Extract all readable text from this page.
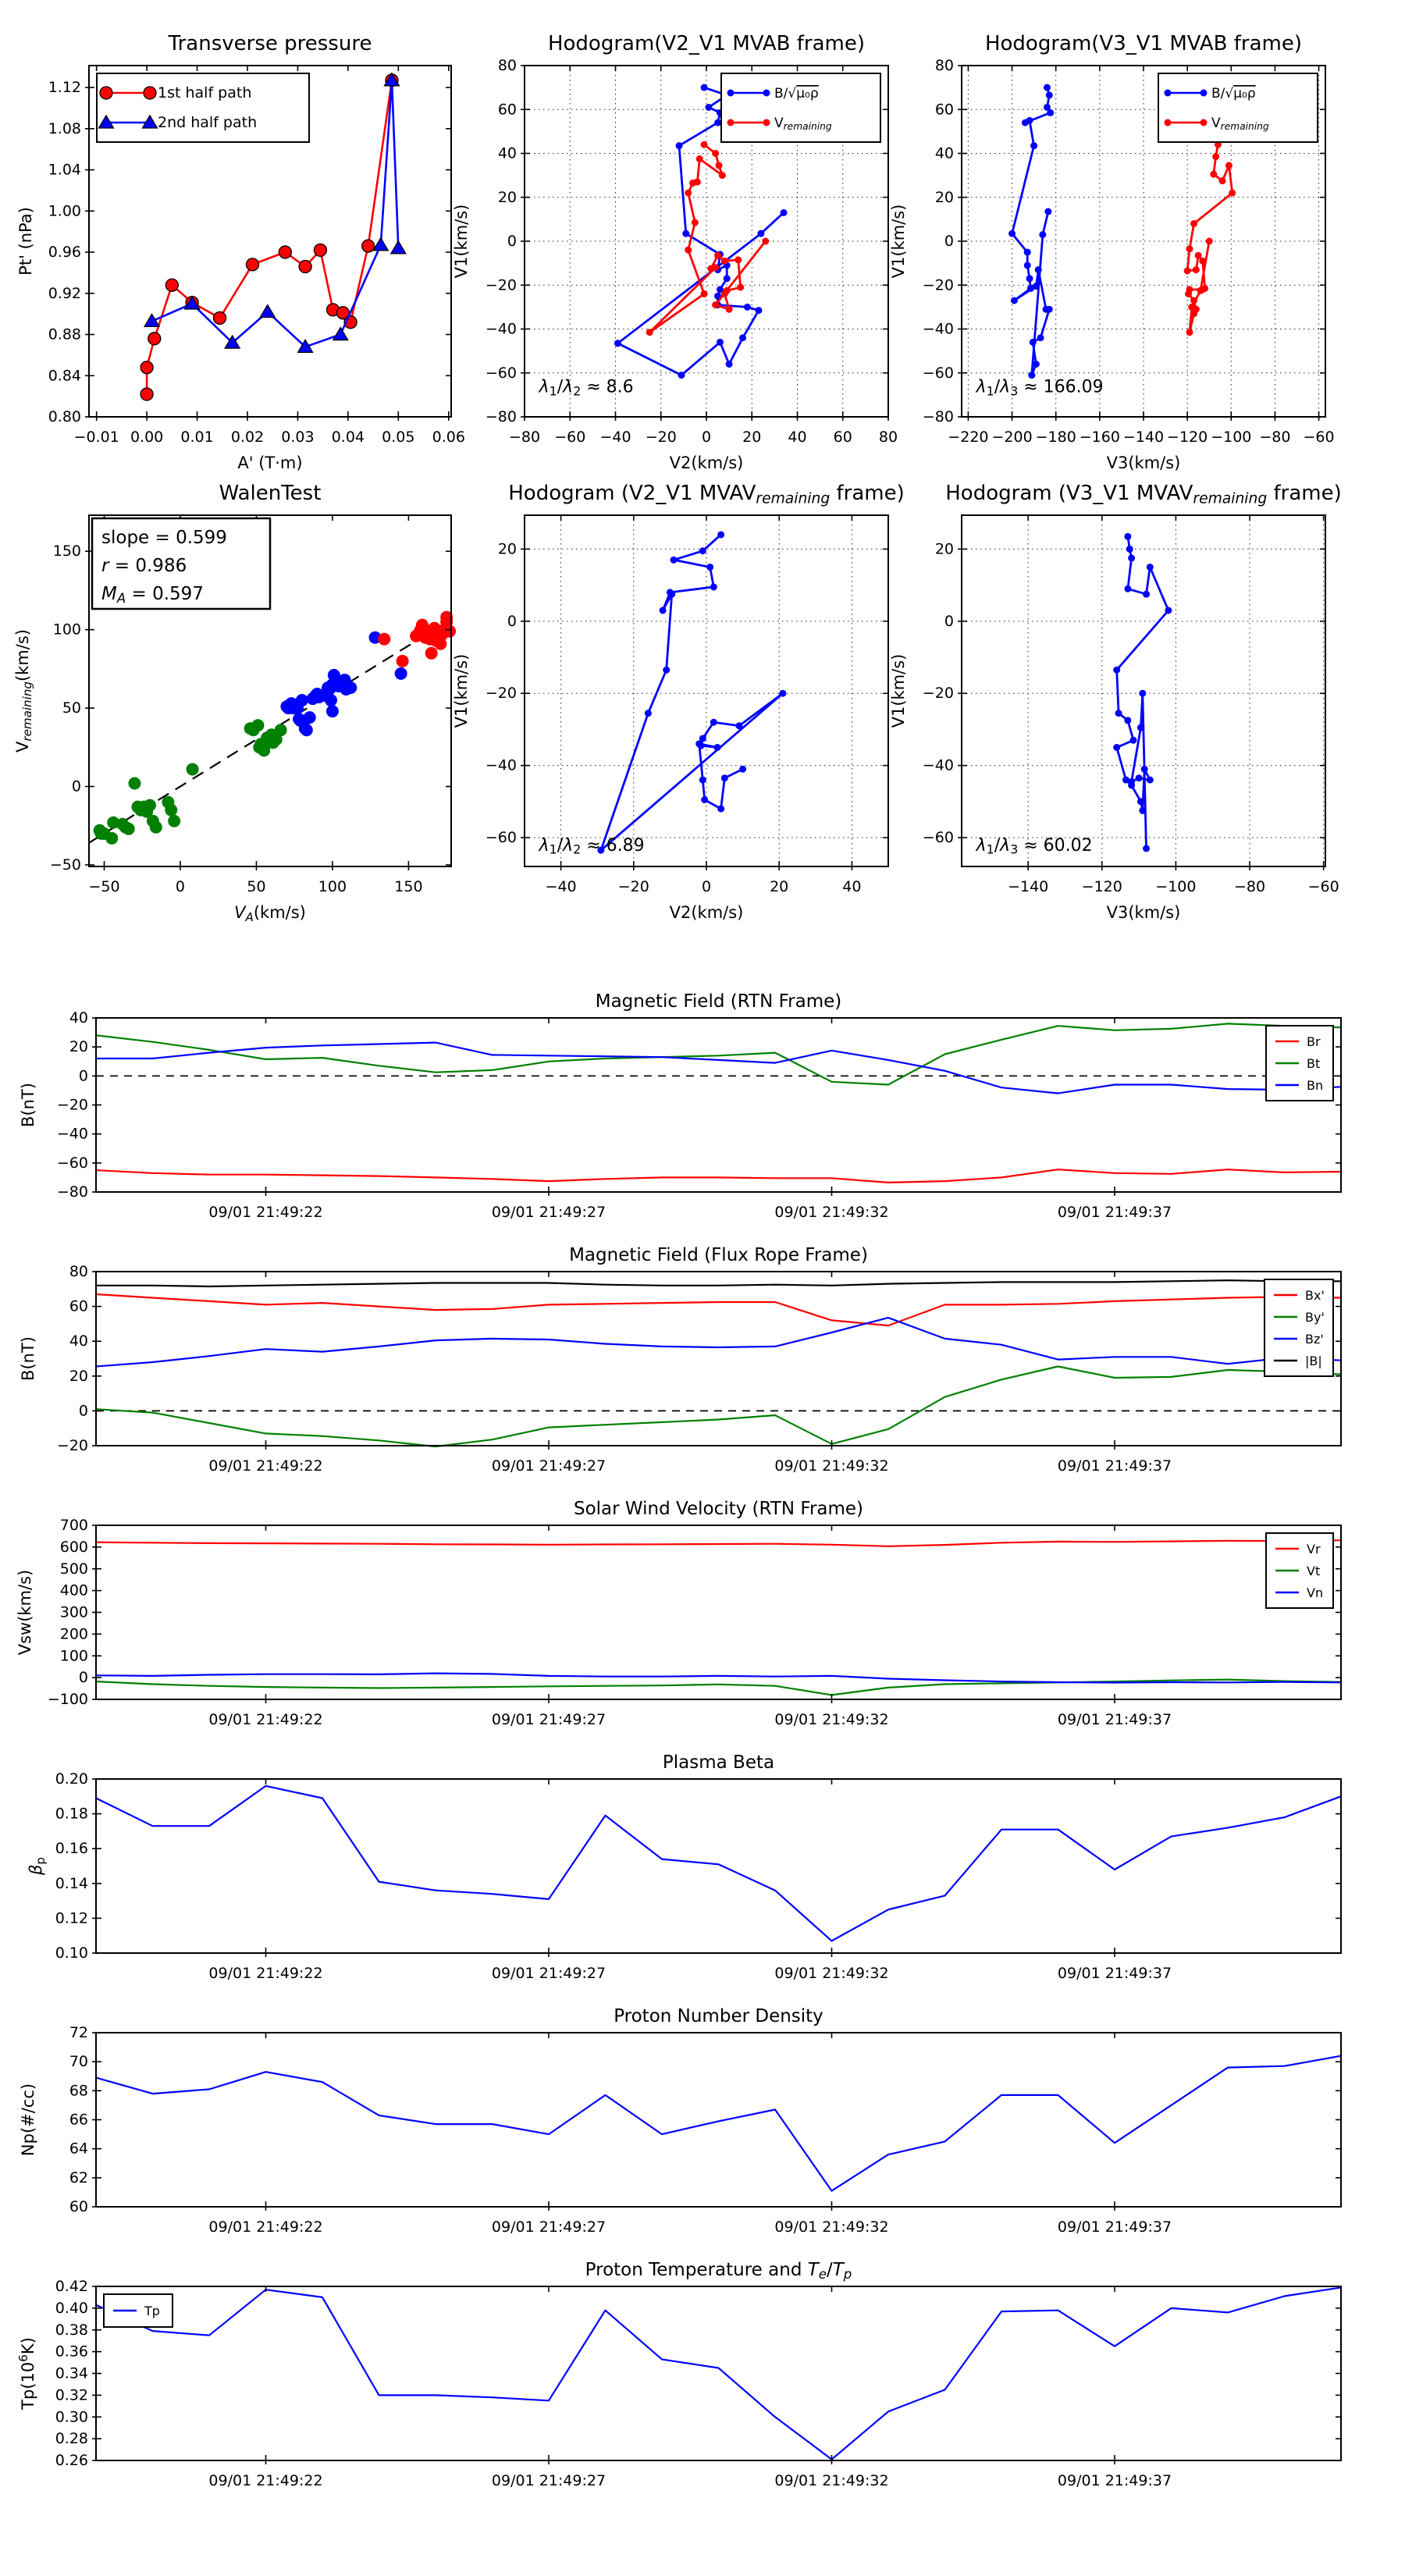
−0.01 0.00 0.01 0.02 0.03 0.04 0.05 0.06
0.80
0.84
0.88
0.92
0.96
1.00
1.04
1.08
1.12
Transverse pressure
A' (T·m)
Pt' (nPa)
1st half path
2nd half path
λ1/λ2 ≈ 8.6
−80 −60 −40 −20 0 20 40 60 80
−80
−60
−40
−20
0
20
40
60
80
Hodogram(V2_V1 MVAB frame)
V2(km/s)
V1(km/s)
B/√μ₀ρ
Vremaining
λ1/λ3 ≈ 166.09
−220 −200 −180 −160 −140 −120 −100 −80 −60
−80
−60
−40
−20
0
20
40
60
80
Hodogram(V3_V1 MVAB frame)
V3(km/s)
V1(km/s)
B/√μ₀ρ
Vremaining
−50	0	50	100	150
−50
0
50
100
150
WalenTest
VA(km/s)
Vremaining(km/s)
slope = 0.599
r = 0.986
MA = 0.597
λ1/λ2 ≈ 6.89
−40	−20	0	20	40
20
0
−20
−40
−60
Hodogram (V2_V1 MVAVremaining frame)
V2(km/s)
V1(km/s)
λ1/λ3 ≈ 60.02
−140 −120 −100	−80	−60
20
0
−20
−40
−60
Hodogram (V3_V1 MVAVremaining frame)
V3(km/s)
V1(km/s)
09/01 21:49:22	09/01 21:49:27	09/01 21:49:32	09/01 21:49:37
−80
−60
−40
−20
0
20
40
Magnetic Field (RTN Frame)
B(nT)
Br
Bt
Bn
09/01 21:49:22	09/01 21:49:27	09/01 21:49:32	09/01 21:49:37
−20
0
20
40
60
80
Magnetic Field (Flux Rope Frame)
B(nT)
Bx'
By'
Bz'
|B|
09/01 21:49:22	09/01 21:49:27	09/01 21:49:32	09/01 21:49:37
−100
0
100
200
300
400
500
600
700
Solar Wind Velocity (RTN Frame)
Vsw(km/s)
Vr
Vt
Vn
09/01 21:49:22	09/01 21:49:27	09/01 21:49:32	09/01 21:49:37
0.10
0.12
0.14
0.16
0.18
0.20
Plasma Beta
βp
09/01 21:49:22	09/01 21:49:27	09/01 21:49:32	09/01 21:49:37
60
62
64
66
68
70
72
Proton Number Density
Np(#/cc)
09/01 21:49:22	09/01 21:49:27	09/01 21:49:32	09/01 21:49:37
0.26
0.28
0.30
0.32
0.34
0.36
0.38
0.40
0.42
Proton Temperature and Te/Tp
$Tp(10^6K)$
Tp
